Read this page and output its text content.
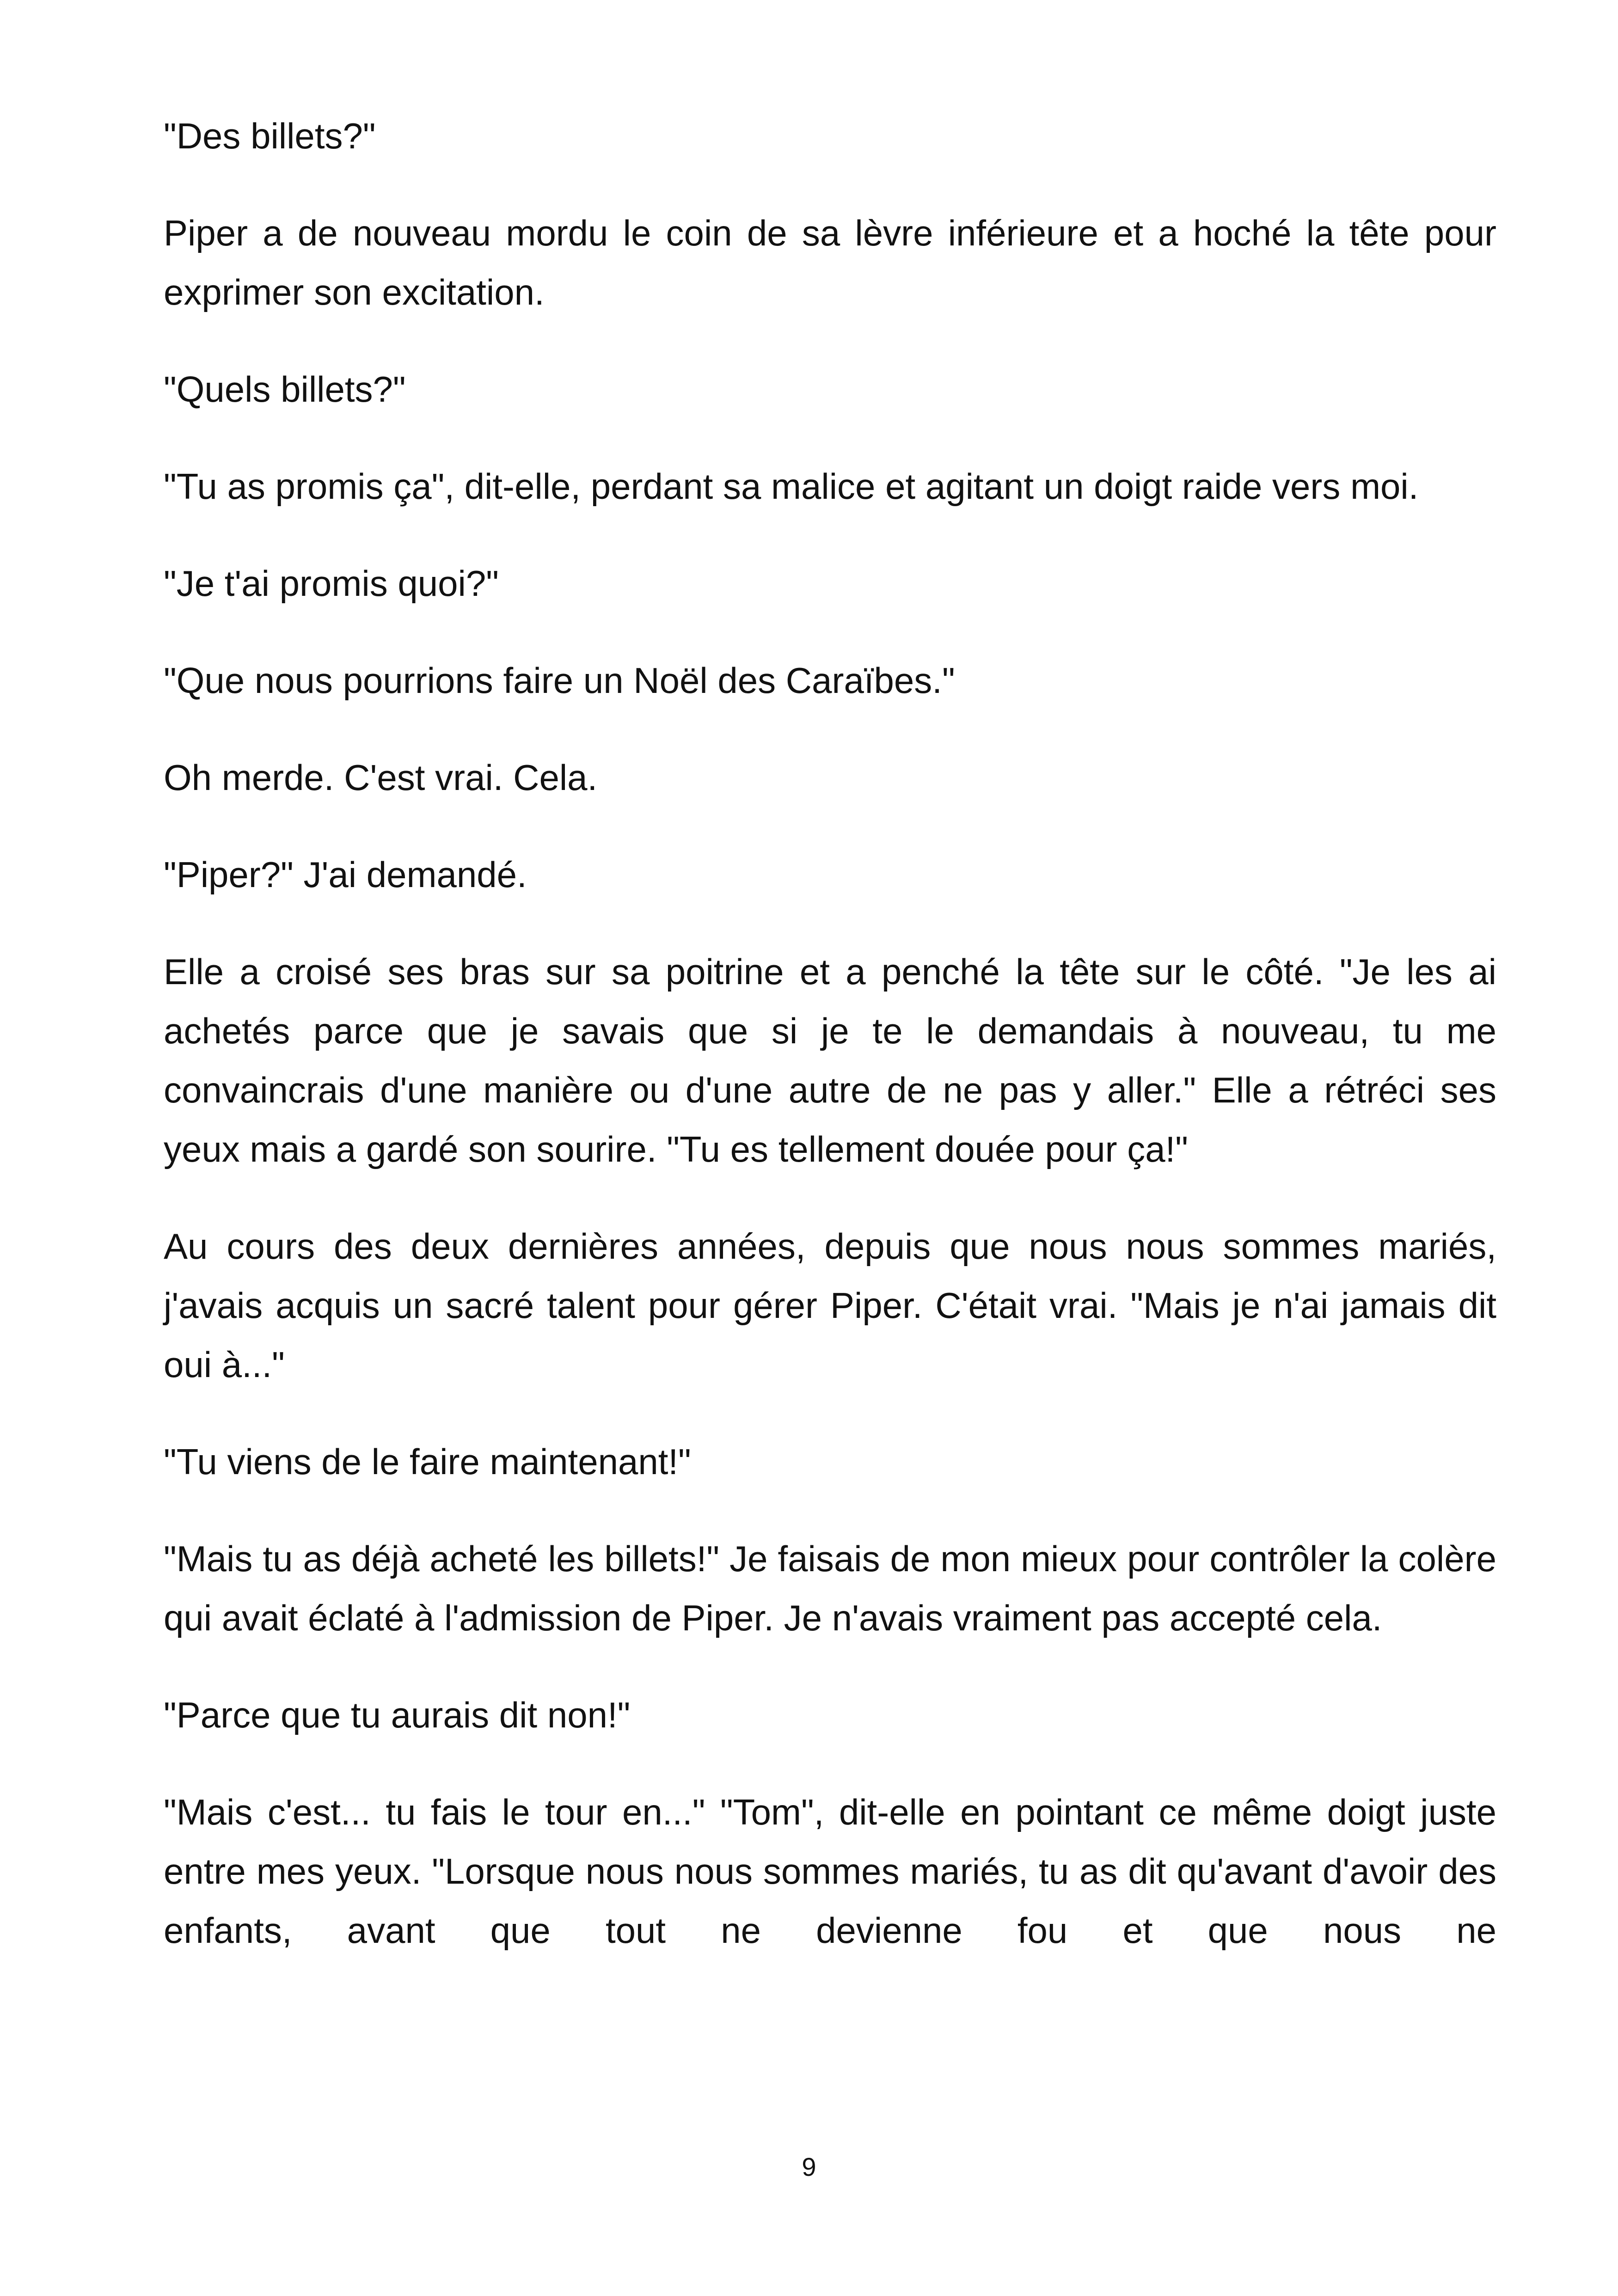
"Des billets?"

Piper a de nouveau mordu le coin de sa lèvre inférieure et a hoché la tête pour exprimer son excitation.

"Quels billets?"

"Tu as promis ça", dit-elle, perdant sa malice et agitant un doigt raide vers moi.

"Je t'ai promis quoi?"

"Que nous pourrions faire un Noël des Caraïbes."

Oh merde. C'est vrai. Cela.

"Piper?" J'ai demandé.

Elle a croisé ses bras sur sa poitrine et a penché la tête sur le côté. "Je les ai achetés parce que je savais que si je te le demandais à nouveau, tu me convaincrais d'une manière ou d'une autre de ne pas y aller." Elle a rétréci ses yeux mais a gardé son sourire. "Tu es tellement douée pour ça!"

Au cours des deux dernières années, depuis que nous nous sommes mariés, j'avais acquis un sacré talent pour gérer Piper. C'était vrai. "Mais je n'ai jamais dit oui à..."

"Tu viens de le faire maintenant!"

"Mais tu as déjà acheté les billets!" Je faisais de mon mieux pour contrôler la colère qui avait éclaté à l'admission de Piper. Je n'avais vraiment pas accepté cela.

"Parce que tu aurais dit non!"

"Mais c'est... tu fais le tour en..." "Tom", dit-elle en pointant ce même doigt juste entre mes yeux. "Lorsque nous nous sommes mariés, tu as dit qu'avant d'avoir des enfants, avant que tout ne devienne fou et que nous ne

9
